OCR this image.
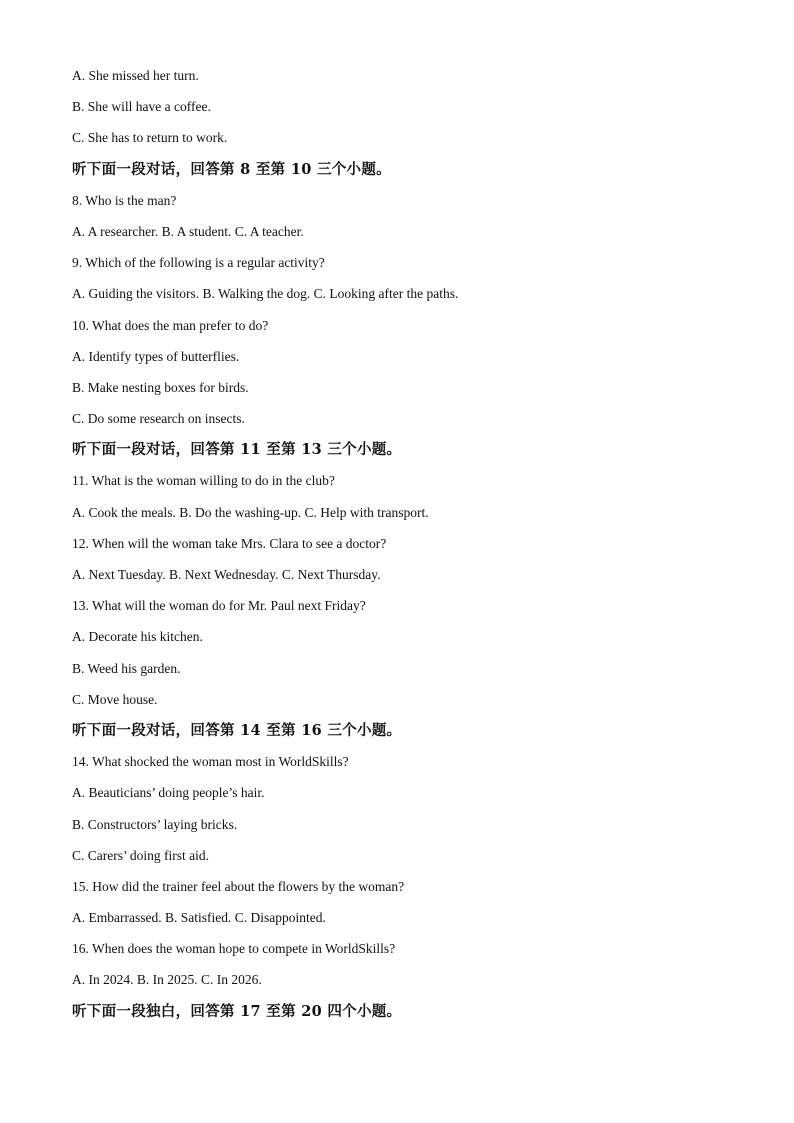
A. She missed her turn.
B. She will have a coffee.
C. She has to return to work.
听下面一段对话，回答第 8 至第 10 三个小题。
8. Who is the man?
A. A researcher. B. A student. C. A teacher.
9. Which of the following is a regular activity?
A. Guiding the visitors. B. Walking the dog. C. Looking after the paths.
10. What does the man prefer to do?
A. Identify types of butterflies.
B. Make nesting boxes for birds.
C. Do some research on insects.
听下面一段对话，回答第 11 至第 13 三个小题。
11. What is the woman willing to do in the club?
A. Cook the meals. B. Do the washing-up. C. Help with transport.
12. When will the woman take Mrs. Clara to see a doctor?
A. Next Tuesday. B. Next Wednesday. C. Next Thursday.
13. What will the woman do for Mr. Paul next Friday?
A. Decorate his kitchen.
B. Weed his garden.
C. Move house.
听下面一段对话，回答第 14 至第 16 三个小题。
14. What shocked the woman most in WorldSkills?
A. Beauticians’ doing people’s hair.
B. Constructors’ laying bricks.
C. Carers’ doing first aid.
15. How did the trainer feel about the flowers by the woman?
A. Embarrassed. B. Satisfied. C. Disappointed.
16. When does the woman hope to compete in WorldSkills?
A. In 2024. B. In 2025. C. In 2026.
听下面一段独白，回答第 17 至第 20 四个小题。
